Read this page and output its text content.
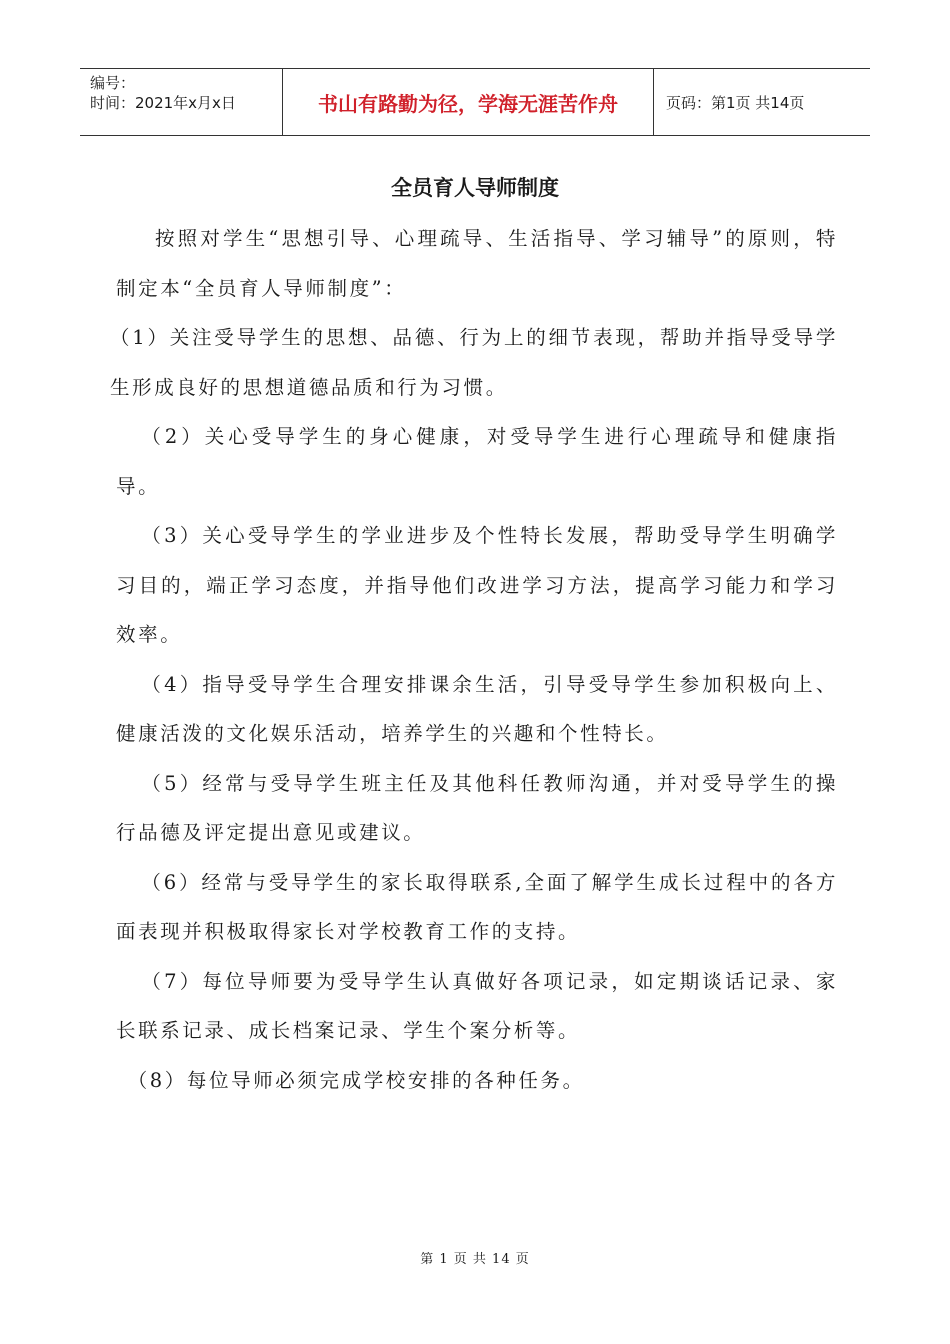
编号：
时间：2021年x月x日	书山有路勤为径，学海无涯苦作舟	页码：第1页 共14页
全员育人导师制度

按照对学生“思想引导、心理疏导、生活指导、学习辅导”的原则，特制定本“全员育人导师制度”：

（1）关注受导学生的思想、品德、行为上的细节表现，帮助并指导受导学生形成良好的思想道德品质和行为习惯。

（2）关心受导学生的身心健康，对受导学生进行心理疏导和健康指导。

（3）关心受导学生的学业进步及个性特长发展，帮助受导学生明确学习目的，端正学习态度，并指导他们改进学习方法，提高学习能力和学习效率。

（4）指导受导学生合理安排课余生活，引导受导学生参加积极向上、健康活泼的文化娱乐活动，培养学生的兴趣和个性特长。

（5）经常与受导学生班主任及其他科任教师沟通，并对受导学生的操行品德及评定提出意见或建议。

（6）经常与受导学生的家长取得联系,全面了解学生成长过程中的各方面表现并积极取得家长对学校教育工作的支持。

（7）每位导师要为受导学生认真做好各项记录，如定期谈话记录、家长联系记录、成长档案记录、学生个案分析等。

（8）每位导师必须完成学校安排的各种任务。

第 1 页 共 14 页
